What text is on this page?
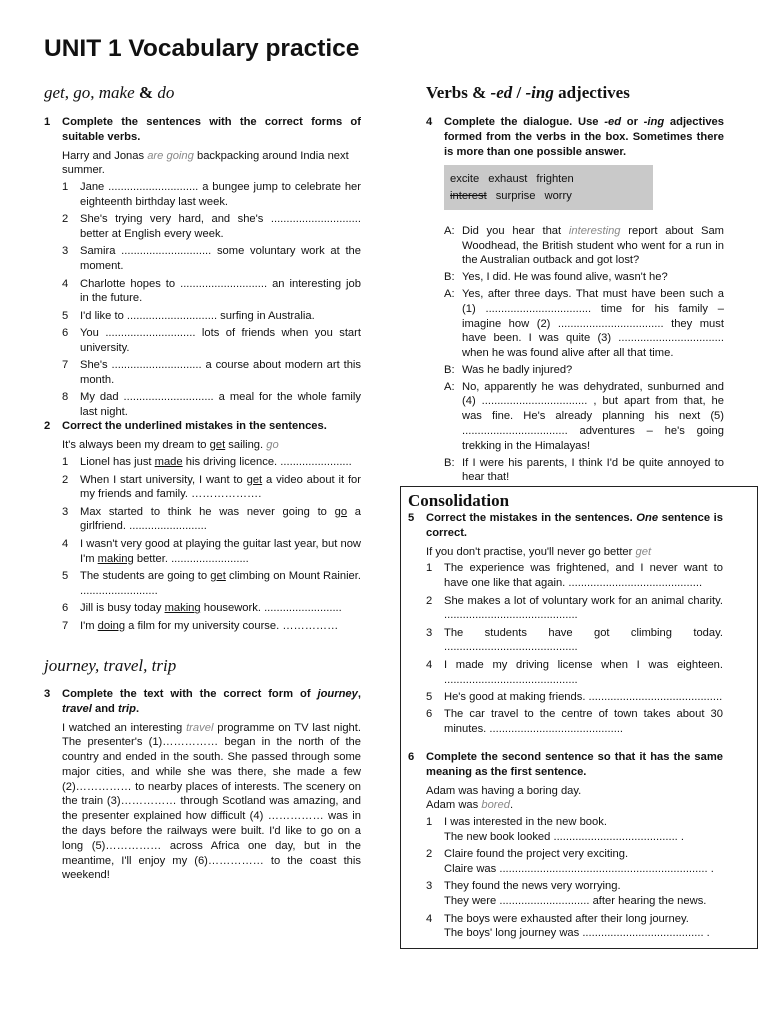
UNIT 1 Vocabulary practice
get, go, make & do
1	Complete the sentences with the correct forms of suitable verbs.

Harry and Jonas are going backpacking around India next summer.

1	Jane ............................. a bungee jump to celebrate her eighteenth birthday last week.
2	She's trying very hard, and she's ............................. better at English every week.
3	Samira ............................. some voluntary work at the moment.
4	Charlotte hopes to ............................ an interesting job in the future.
5	I'd like to ............................. surfing in Australia.
6	You ............................. lots of friends when you start university.
7	She's ............................. a course about modern art this month.
8	My dad ............................. a meal for the whole family last night.
2	Correct the underlined mistakes in the sentences.
It's always been my dream to get sailing. go
1	Lionel has just made his driving licence. .......................
2	When I start university, I want to get a video about it for my friends and family. ……………….
3	Max started to think he was never going to go a girlfriend. .........................
4	I wasn't very good at playing the guitar last year, but now I'm making better. .........................
5	The students are going to get climbing on Mount Rainier. .........................
6	Jill is busy today making housework. .........................
7	I'm doing a film for my university course. ……………
journey, travel, trip
3	Complete the text with the correct form of journey, travel and trip.

I watched an interesting travel programme on TV last night. The presenter's (1)…………… began in the north of the country and ended in the south. She passed through some major cities, and while she was there, she made a few (2)…………… to nearby places of interests. The scenery on the train (3)…………… through Scotland was amazing, and the presenter explained how difficult (4) …………… was in the days before the railways were built. I'd like to go on a long (5)…………… across Africa one day, but in the meantime, I'll enjoy my (6)…………… to the coast this weekend!

Verbs & -ed / -ing adjectives
4	Complete the dialogue. Use -ed or -ing adjectives formed from the verbs in the box. Sometimes there is more than one possible answer.
excite exhaust frighten
interest surprise worry
A: Did you hear that interesting report about Sam Woodhead, the British student who went for a run in the Australian outback and got lost?
B: Yes, I did. He was found alive, wasn't he?
A: Yes, after three days. That must have been such a (1) .................................. time for his family – imagine how (2) .................................. they must have been. I was quite (3) .................................. when he was found alive after all that time.
B: Was he badly injured?
A: No, apparently he was dehydrated, sunburned and (4) .................................. , but apart from that, he was fine. He's already planning his next (5) .................................. adventures – he's going trekking in the Himalayas!
B: If I were his parents, I think I'd be quite annoyed to hear that!
Consolidation
5	Correct the mistakes in the sentences. One sentence is correct.

If you don't practise, you'll never go better get

1	The experience was frightened, and I never want to have one like that again. ...........................................
2	She makes a lot of voluntary work for an animal charity. ...........................................
3	The students have got climbing today. ...........................................
4	I made my driving license when I was eighteen. ...........................................
5	He's good at making friends. ...........................................
6	The car travel to the centre of town takes about 30 minutes. ...........................................
6	Complete the second sentence so that it has the same meaning as the first sentence.
Adam was having a boring day.
Adam was bored.
1	I was interested in the new book.
The new book looked ........................................ .
2	Claire found the project very exciting.
Claire was ................................................................... .
3	They found the news very worrying.
They were ............................. after hearing the news.
4	The boys were exhausted after their long journey.
The boys' long journey was ....................................... .
